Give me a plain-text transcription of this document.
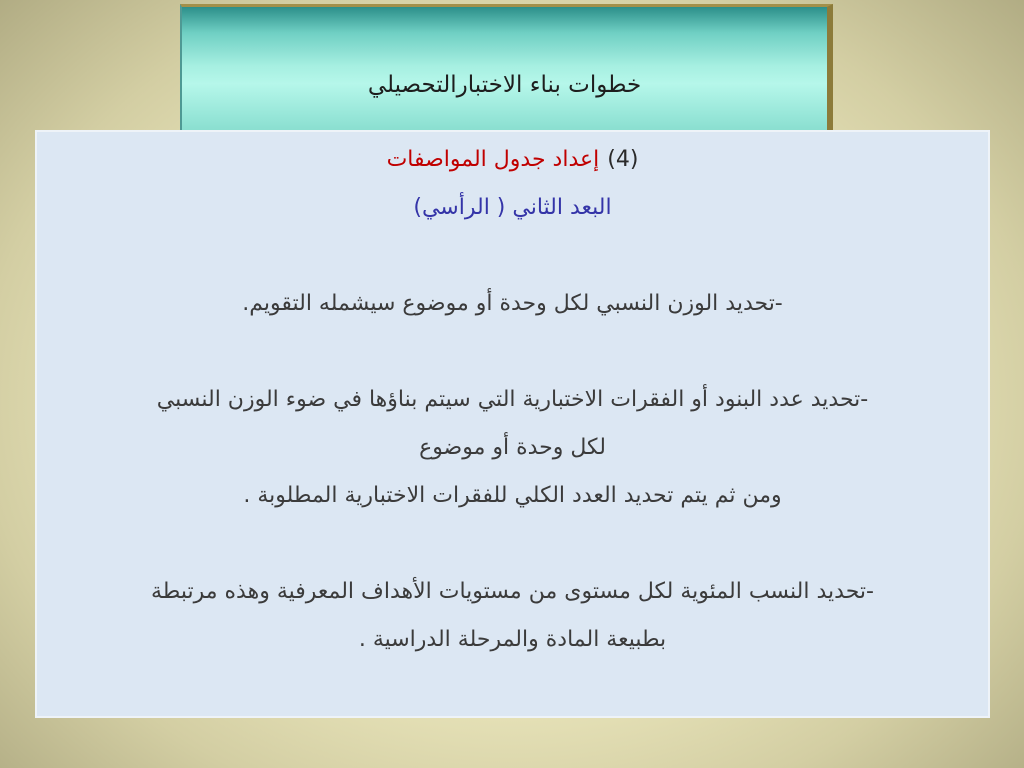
خطوات بناء الاختبارالتحصيلي
(4)إعداد جدول المواصفات
البعد الثاني ( الرأسي)
-تحديد الوزن النسبي لكل وحدة أو موضوع سيشمله التقويم.
-تحديد عدد البنود أو الفقرات الاختبارية التي سيتم بناؤها في ضوء الوزن النسبي
لكل وحدة أو موضوع
ومن ثم يتم تحديد العدد الكلي للفقرات الاختبارية المطلوبة .
-تحديد النسب المئوية لكل مستوى من مستويات الأهداف المعرفية وهذه مرتبطة
بطبيعة المادة والمرحلة الدراسية .
